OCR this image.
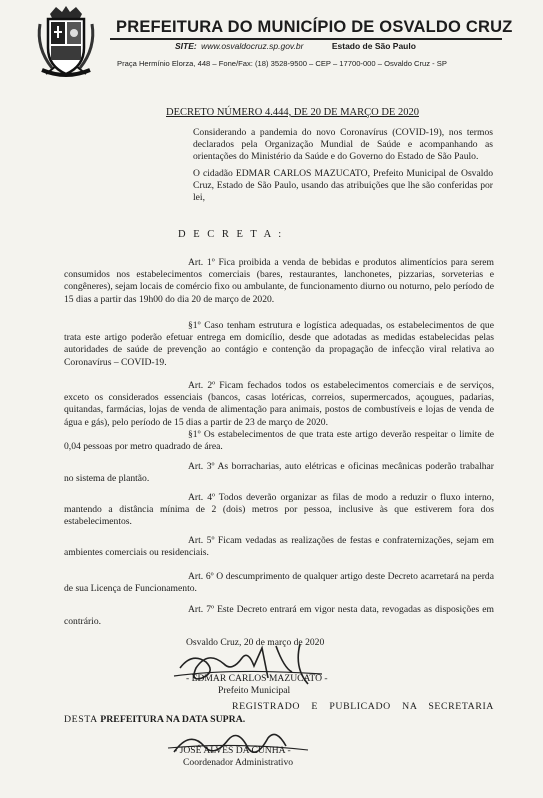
PREFEITURA DO MUNICÍPIO DE OSVALDO CRUZ
SITE: www.osvaldocruz.sp.gov.br	Estado de São Paulo
Praça Hermínio Elorza, 448 – Fone/Fax: (18) 3528-9500 – CEP – 17700-000 – Osvaldo Cruz - SP
DECRETO NÚMERO 4.444, DE 20 DE MARÇO DE 2020

Considerando a pandemia do novo Coronavírus (COVID-19), nos termos declarados pela Organização Mundial de Saúde e acompanhando as orientações do Ministério da Saúde e do Governo do Estado de São Paulo.

O cidadão EDMAR CARLOS MAZUCATO, Prefeito Municipal de Osvaldo Cruz, Estado de São Paulo, usando das atribuições que lhe são conferidas por lei,

D E C R E T A :

Art. 1º Fica proibida a venda de bebidas e produtos alimentícios para serem consumidos nos estabelecimentos comerciais (bares, restaurantes, lanchonetes, pizzarias, sorveterias e congêneres), sejam locais de comércio fixo ou ambulante, de funcionamento diurno ou noturno, pelo período de 15 dias a partir das 19h00 do dia 20 de março de 2020.

§1º Caso tenham estrutura e logística adequadas, os estabelecimentos de que trata este artigo poderão efetuar entrega em domicílio, desde que adotadas as medidas estabelecidas pelas autoridades de saúde de prevenção ao contágio e contenção da propagação de infecção viral relativa ao Coronavírus – COVID-19.

Art. 2º Ficam fechados todos os estabelecimentos comerciais e de serviços, exceto os considerados essenciais (bancos, casas lotéricas, correios, supermercados, açougues, padarias, quitandas, farmácias, lojas de venda de alimentação para animais, postos de combustíveis e lojas de venda de água e gás), pelo período de 15 dias a partir de 23 de março de 2020.

§1º Os estabelecimentos de que trata este artigo deverão respeitar o limite de 0,04 pessoas por metro quadrado de área.

Art. 3º As borracharias, auto elétricas e oficinas mecânicas poderão trabalhar no sistema de plantão.

Art. 4º Todos deverão organizar as filas de modo a reduzir o fluxo interno, mantendo a distância mínima de 2 (dois) metros por pessoa, inclusive às que estiverem fora dos estabelecimentos.

Art. 5º Ficam vedadas as realizações de festas e confraternizações, sejam em ambientes comerciais ou residenciais.

Art. 6º O descumprimento de qualquer artigo deste Decreto acarretará na perda de sua Licença de Funcionamento.

Art. 7º Este Decreto entrará em vigor nesta data, revogadas as disposições em contrário.

Osvaldo Cruz, 20 de março de 2020
- EDMAR CARLOS MAZUCATO -
Prefeito Municipal

REGISTRADO E PUBLICADO NA SECRETARIA DESTA PREFEITURA NA DATA SUPRA.

- JOSÉ ALVES DA CUNHA -
Coordenador Administrativo
